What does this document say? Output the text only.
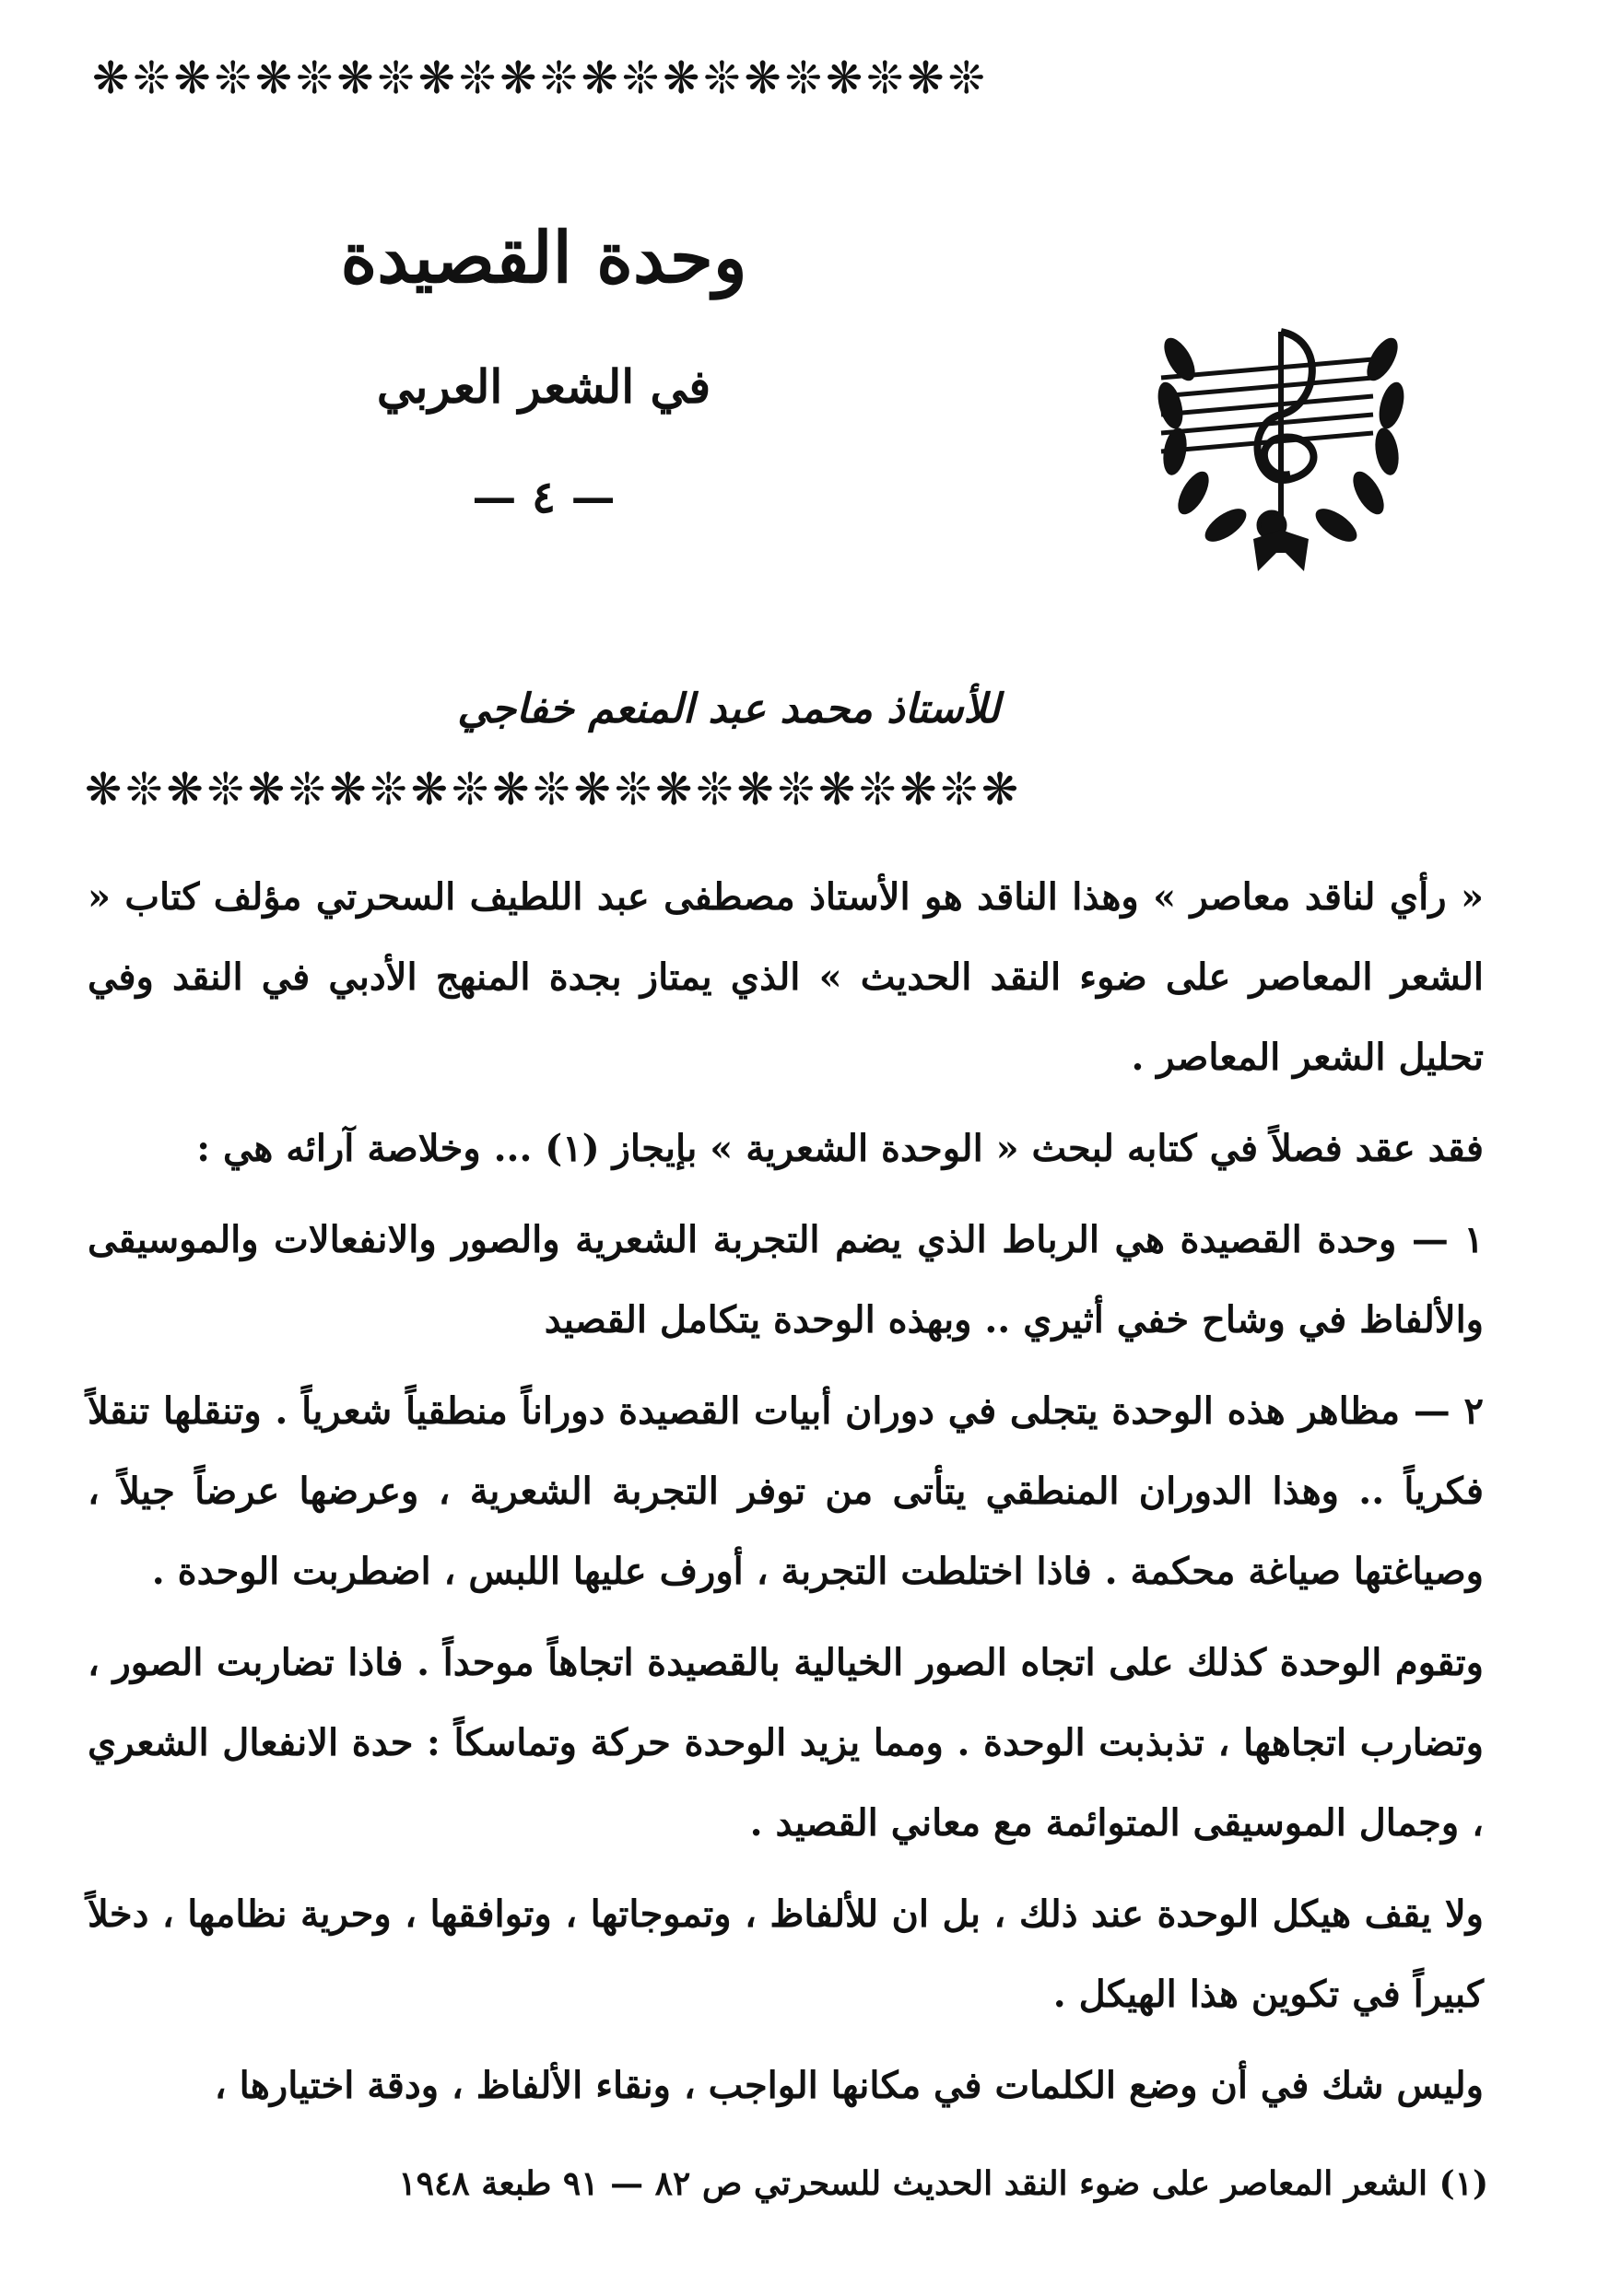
❋❊❋❊❋❊❋❊❋❊❋❊❋❊❋❊❋❊❋❊❋❊
وحدة القصيدة
في الشعر العربي
— ٤ —
للأستاذ محمد عبد المنعم خفاجي
❋❊❋❊❋❊❋❊❋❊❋❊❋❊❋❊❋❊❋❊❋❊❋

« رأي لناقد معاصر » وهذا الناقد هو الأستاذ مصطفى عبد اللطيف السحرتي مؤلف كتاب « الشعر المعاصر على ضوء النقد الحديث » الذي يمتاز بجدة المنهج الأدبي في النقد وفي تحليل الشعر المعاصر .

فقد عقد فصلاً في كتابه لبحث « الوحدة الشعرية » بإيجاز (١) ... وخلاصة آرائه هي :

١ — وحدة القصيدة هي الرباط الذي يضم التجربة الشعرية والصور والانفعالات والموسيقى والألفاظ في وشاح خفي أثيري .. وبهذه الوحدة يتكامل القصيد

٢ — مظاهر هذه الوحدة يتجلى في دوران أبيات القصيدة دوراناً منطقياً شعرياً . وتنقلها تنقلاً فكرياً .. وهذا الدوران المنطقي يتأتى من توفر التجربة الشعرية ، وعرضها عرضاً جيلاً ، وصياغتها صياغة محكمة . فاذا اختلطت التجربة ، أورف عليها اللبس ، اضطربت الوحدة .

وتقوم الوحدة كذلك على اتجاه الصور الخيالية بالقصيدة اتجاهاً موحداً . فاذا تضاربت الصور ، وتضارب اتجاهها ، تذبذبت الوحدة . ومما يزيد الوحدة حركة وتماسكاً : حدة الانفعال الشعري ، وجمال الموسيقى المتوائمة مع معاني القصيد .

ولا يقف هيكل الوحدة عند ذلك ، بل ان للألفاظ ، وتموجاتها ، وتوافقها ، وحرية نظامها ، دخلاً كبيراً في تكوين هذا الهيكل .

وليس شك في أن وضع الكلمات في مكانها الواجب ، ونقاء الألفاظ ، ودقة اختيارها ،

(١) الشعر المعاصر على ضوء النقد الحديث للسحرتي ص ٨٢ — ٩١ طبعة ١٩٤٨
